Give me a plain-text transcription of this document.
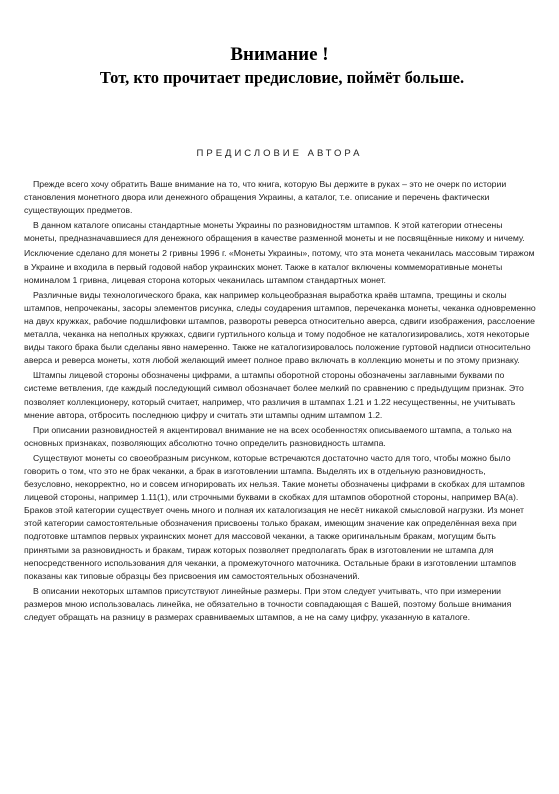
Внимание !
Тот, кто прочитает предисловие, поймёт больше.
ПРЕДИСЛОВИЕ АВТОРА

Прежде всего хочу обратить Ваше внимание на то, что книга, которую Вы держите в руках – это не очерк по истории становления монетного двора или денежного обращения Украины, а каталог, т.е. описание и перечень фактически существующих предметов.

В данном каталоге описаны стандартные монеты Украины по разновидностям штампов. К этой категории отнесены монеты, предназначавшиеся для денежного обращения в качестве разменной монеты и не посвящённые никому и ничему.

Исключение сделано для монеты 2 гривны 1996 г. «Монеты Украины», потому, что эта монета чеканилась массовым тиражом в Украине и входила в первый годовой набор украинских монет. Также в каталог включены коммеморативные монеты номиналом 1 гривна, лицевая сторона которых чеканилась штампом стандартных монет.

Различные виды технологического брака, как например кольцеобразная выработка краёв штампа, трещины и сколы штампов, непрочеканы, засоры элементов рисунка, следы соударения штампов, перечеканка монеты, чеканка одновременно на двух кружках, рабочие подшлифовки штампов, развороты реверса относительно аверса, сдвиги изображения, расслоение металла, чеканка на неполных кружках, сдвиги гуртильного кольца и тому подобное не каталогизировались, хотя некоторые виды такого брака были сделаны явно намеренно. Также не каталогизировалось положение гуртовой надписи относительно аверса и реверса монеты, хотя любой желающий имеет полное право включать в коллекцию монеты и по этому признаку.

Штампы лицевой стороны обозначены цифрами, а штампы оборотной стороны обозначены заглавными буквами по системе ветвления, где каждый последующий символ обозначает более мелкий по сравнению с предыдущим признак. Это позволяет коллекционеру, который считает, например, что различия в штампах 1.21 и 1.22 несущественны, не учитывать мнение автора, отбросить последнюю цифру и считать эти штампы одним штампом 1.2.

При описании разновидностей я акцентировал внимание не на всех особенностях описываемого штампа, а только на основных признаках, позволяющих абсолютно точно определить разновидность штампа.

Существуют монеты со своеобразным рисунком, которые встречаются достаточно часто для того, чтобы можно было говорить о том, что это не брак чеканки, а брак в изготовлении штампа. Выделять их в отдельную разновидность, безусловно, некорректно, но и совсем игнорировать их нельзя. Такие монеты обозначены цифрами в скобках для штампов лицевой стороны, например 1.11(1), или строчными буквами в скобках для штампов оборотной стороны, например BA(a). Браков этой категории существует очень много и полная их каталогизация не несёт никакой смысловой нагрузки. Из монет этой категории самостоятельные обозначения присвоены только бракам, имеющим значение как определённая веха при подготовке штампов первых украинских монет для массовой чеканки, а также оригинальным бракам, могущим быть принятыми за разновидность и бракам, тираж которых позволяет предполагать брак в изготовлении не штампа для непосредственного использования для чеканки, а промежуточного маточника. Остальные браки в изготовлении штампов показаны как типовые образцы без присвоения им самостоятельных обозначений.

В описании некоторых штампов присутствуют линейные размеры. При этом следует учитывать, что при измерении размеров мною использовалась линейка, не обязательно в точности совпадающая с Вашей, поэтому больше внимания следует обращать на разницу в размерах сравниваемых штампов, а не на саму цифру, указанную в каталоге.
